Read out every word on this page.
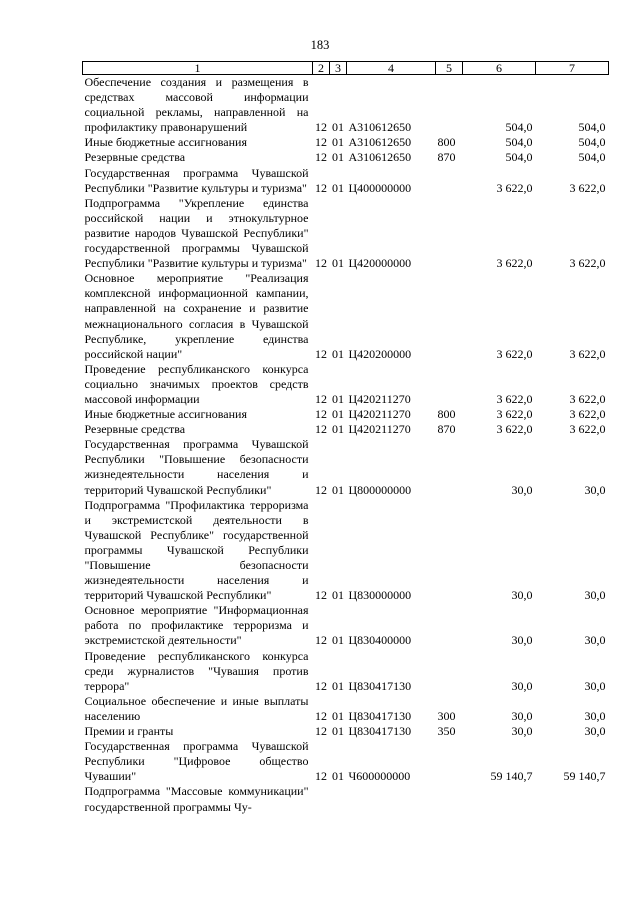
183
1	2	3	4	5	6	7
Обеспечение создания и размещения в средствах массовой информации социальной рекламы, направленной на профилактику правонарушений	12	01	А310612650		504,0	504,0
Иные бюджетные ассигнования	12	01	А310612650	800	504,0	504,0
Резервные средства	12	01	А310612650	870	504,0	504,0
Государственная программа Чувашской Республики "Развитие культуры и туризма"	12	01	Ц400000000		3 622,0	3 622,0
Подпрограмма "Укрепление единства российской нации и этнокультурное развитие народов Чувашской Республики" государственной программы Чувашской Республики "Развитие культуры и туризма"	12	01	Ц420000000		3 622,0	3 622,0
Основное мероприятие "Реализация комплексной информационной кампании, направленной на сохранение и развитие межнационального согласия в Чувашской Республике, укрепление единства российской нации"	12	01	Ц420200000		3 622,0	3 622,0
Проведение республиканского конкурса социально значимых проектов средств массовой информации	12	01	Ц420211270		3 622,0	3 622,0
Иные бюджетные ассигнования	12	01	Ц420211270	800	3 622,0	3 622,0
Резервные средства	12	01	Ц420211270	870	3 622,0	3 622,0
Государственная программа Чувашской Республики "Повышение безопасности жизнедеятельности населения и территорий Чувашской Республики"	12	01	Ц800000000		30,0	30,0
Подпрограмма "Профилактика терроризма и экстремистской деятельности в Чувашской Республике" государственной программы Чувашской Республики "Повышение безопасности жизнедеятельности населения и территорий Чувашской Республики"	12	01	Ц830000000		30,0	30,0
Основное мероприятие "Информационная работа по профилактике терроризма и экстремистской деятельности"	12	01	Ц830400000		30,0	30,0
Проведение республиканского конкурса среди журналистов "Чувашия против террора"	12	01	Ц830417130		30,0	30,0
Социальное обеспечение и иные выплаты населению	12	01	Ц830417130	300	30,0	30,0
Премии и гранты	12	01	Ц830417130	350	30,0	30,0
Государственная программа Чувашской Республики "Цифровое общество Чувашии"	12	01	Ч600000000		59 140,7	59 140,7
Подпрограмма "Массовые коммуникации" государственной программы Чу-						
